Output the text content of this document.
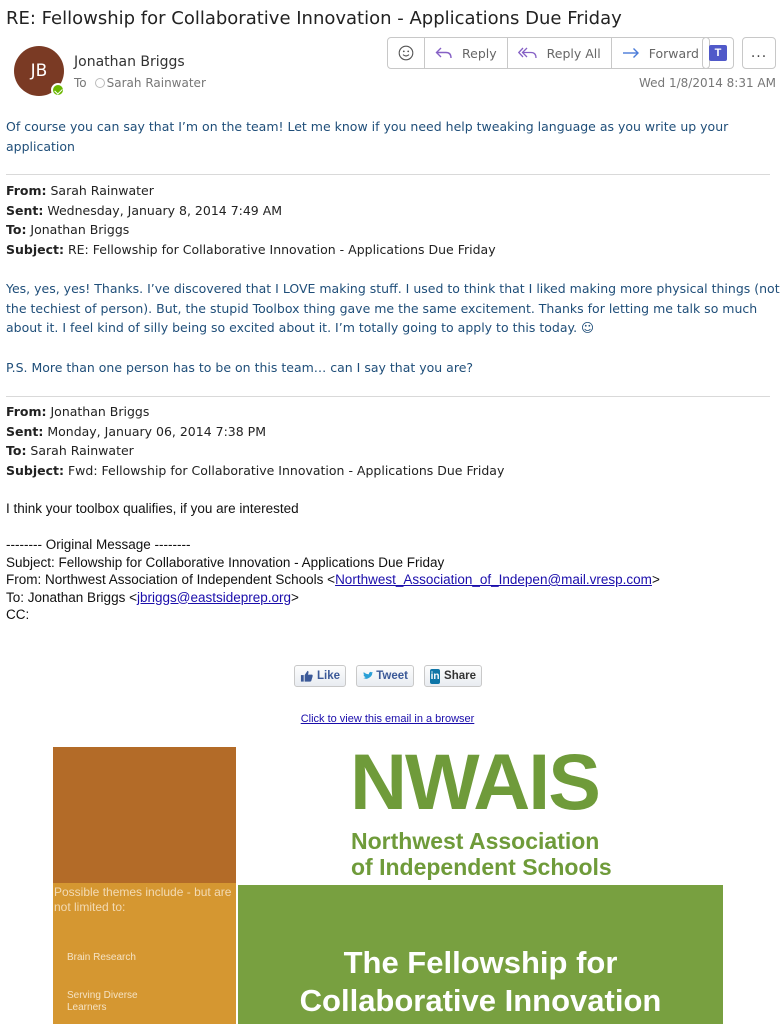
RE: Fellowship for Collaborative Innovation - Applications Due Friday
JB	Jonathan Briggs
To Sarah Rainwater
Reply	Reply All	Forward	T	...
Wed 1/8/2014 8:31 AM
Of course you can say that I’m on the team! Let me know if you need help tweaking language as you write up your
application
From: Sarah Rainwater
Sent: Wednesday, January 8, 2014 7:49 AM
To: Jonathan Briggs
Subject: RE: Fellowship for Collaborative Innovation - Applications Due Friday
Yes, yes, yes! Thanks. I’ve discovered that I LOVE making stuff. I used to think that I liked making more physical things (not
the techiest of person). But, the stupid Toolbox thing gave me the same excitement. Thanks for letting me talk so much
about it. I feel kind of silly being so excited about it. I’m totally going to apply to this today. ☺
P.S. More than one person has to be on this team… can I say that you are?
From: Jonathan Briggs
Sent: Monday, January 06, 2014 7:38 PM
To: Sarah Rainwater
Subject: Fwd: Fellowship for Collaborative Innovation - Applications Due Friday
I think your toolbox qualifies, if you are interested
-------- Original Message --------
Subject: Fellowship for Collaborative Innovation - Applications Due Friday
From: Northwest Association of Independent Schools <Northwest_Association_of_Indepen@mail.vresp.com>
To: Jonathan Briggs <jbriggs@eastsideprep.org>
CC:
Like	Tweet in Share
Click to view this email in a browser
Possible themes include - but are not limited to:
Brain Research
Serving Diverse Learners
NWAIS
Northwest Association
of Independent Schools
The Fellowship for
Collaborative Innovation
